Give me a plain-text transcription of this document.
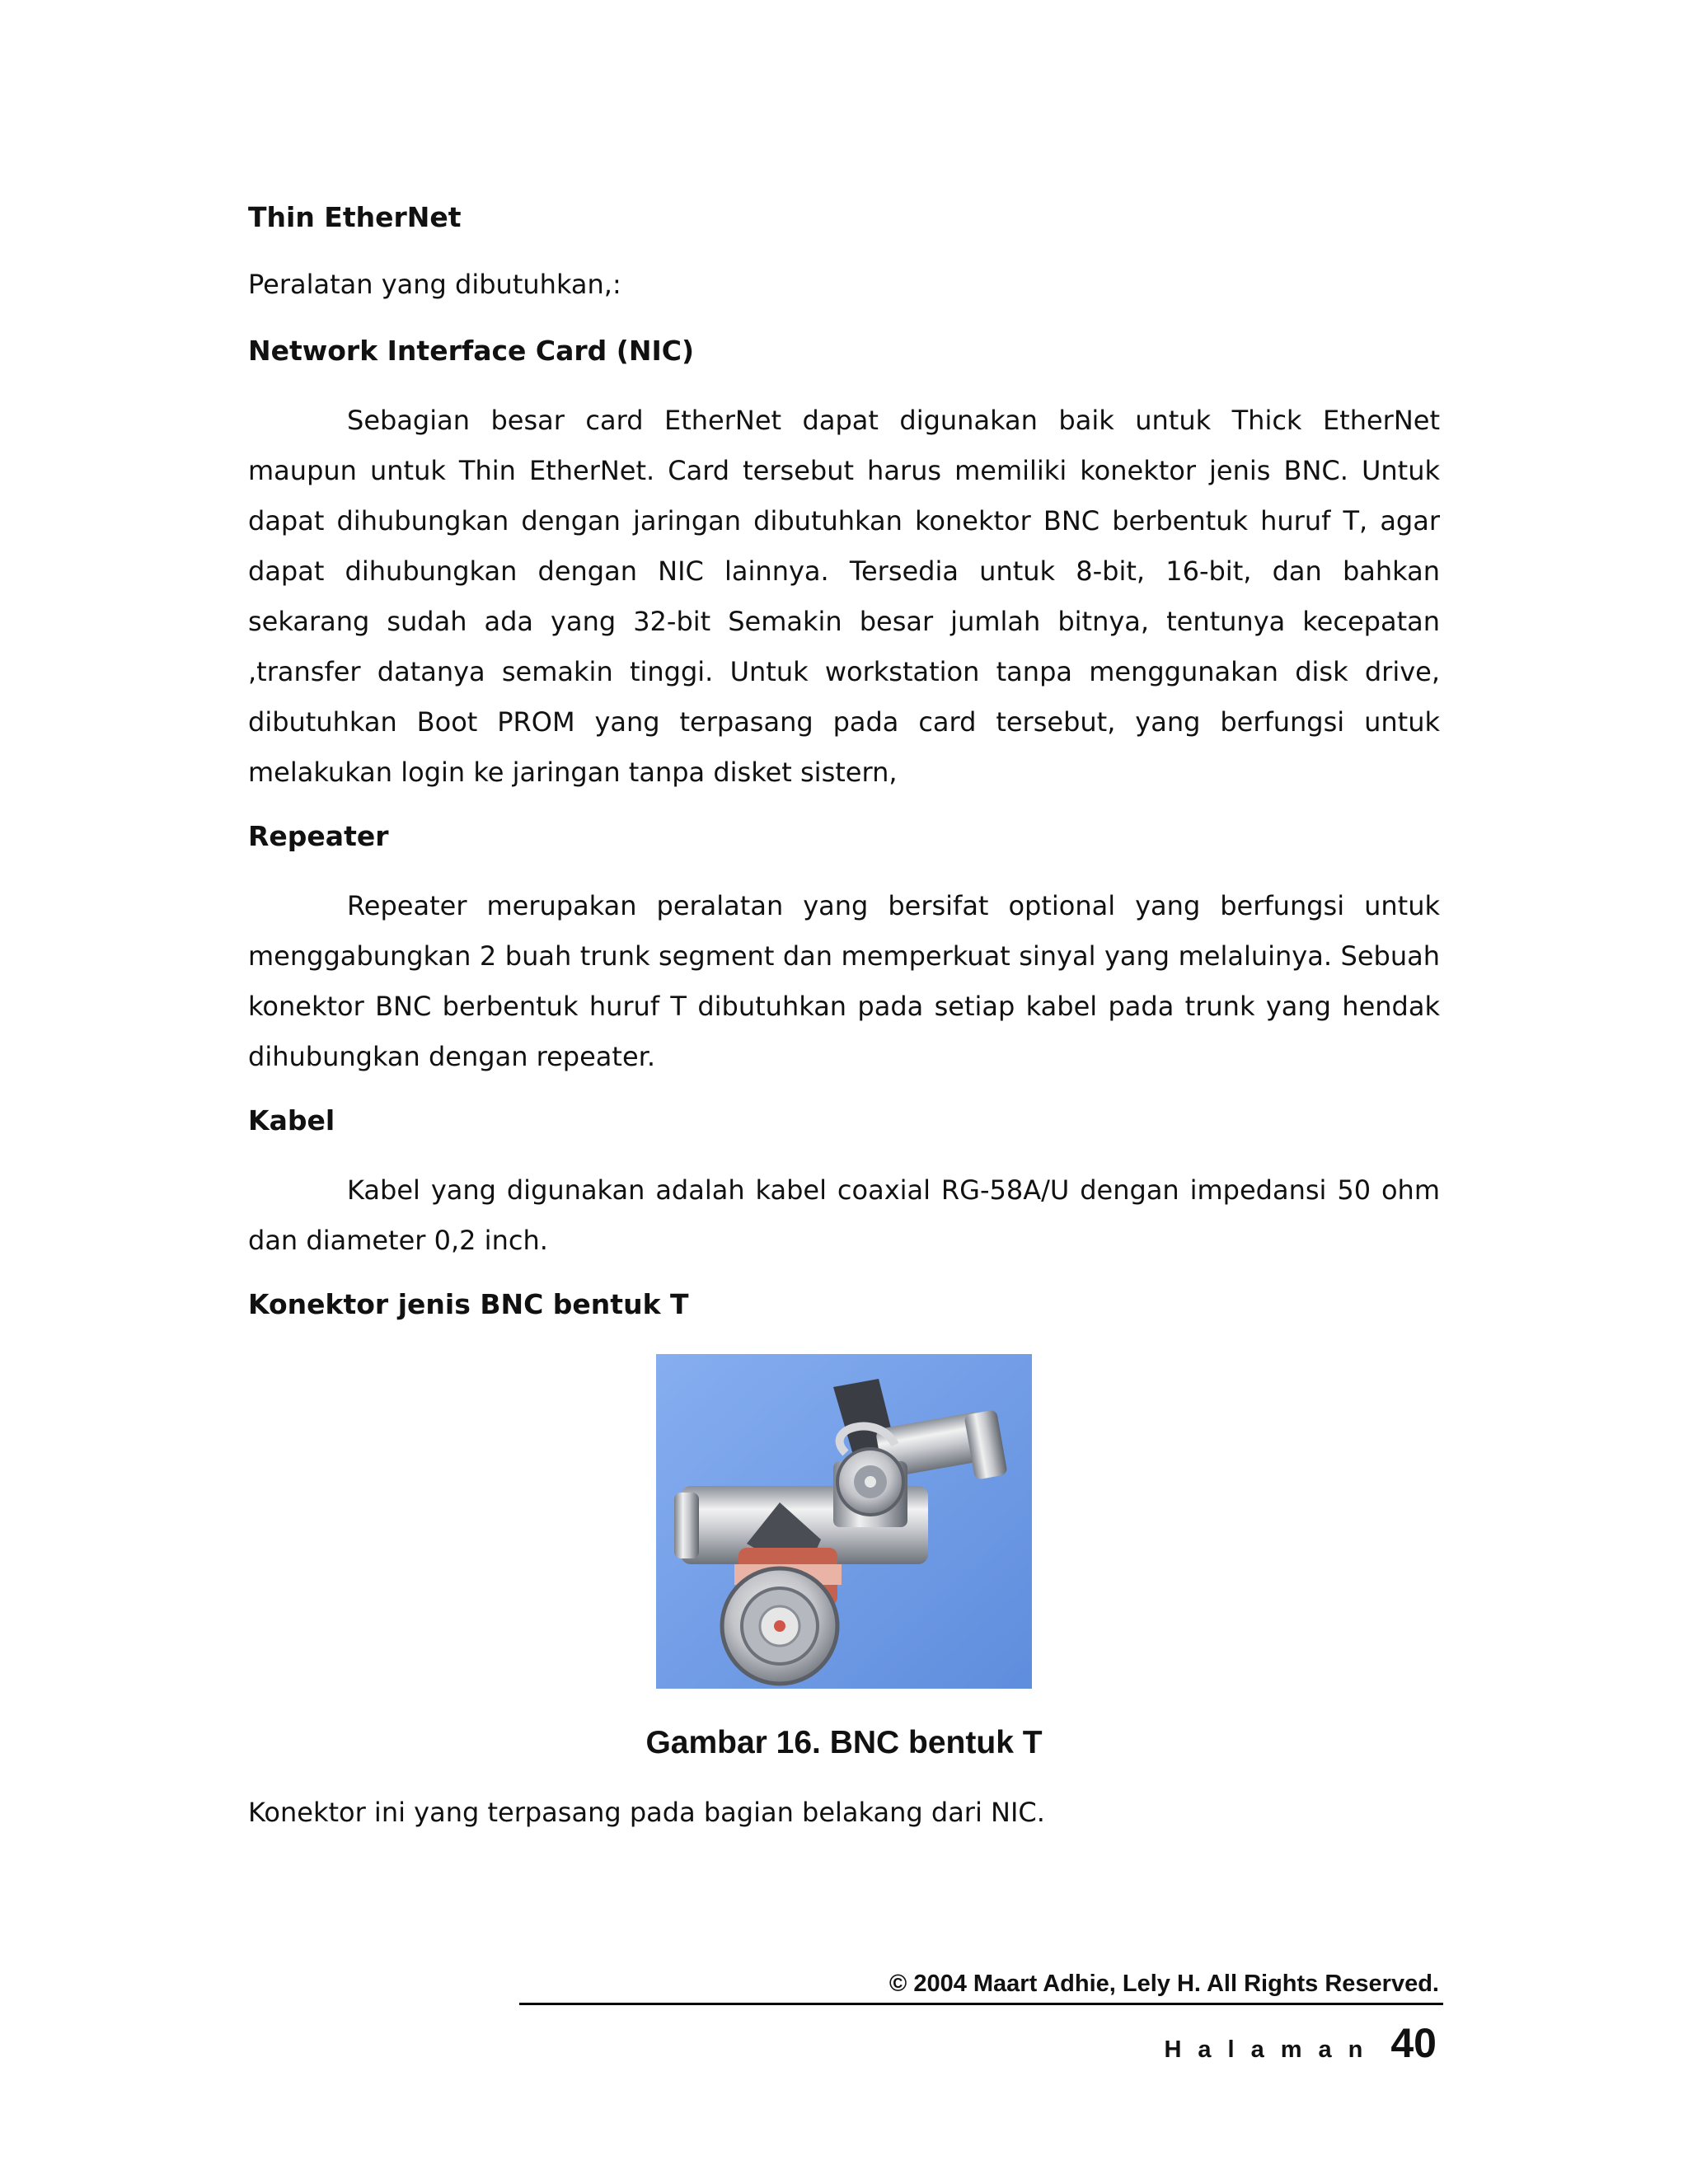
Thin EtherNet

Peralatan yang dibutuhkan,:

Network Interface Card (NIC)

Sebagian besar card EtherNet dapat digunakan baik untuk Thick EtherNet maupun untuk Thin EtherNet. Card tersebut harus memiliki konektor jenis BNC. Untuk dapat dihubungkan dengan jaringan dibutuhkan konektor BNC berbentuk huruf T, agar dapat dihubungkan dengan NIC lainnya. Tersedia untuk 8-bit, 16-bit, dan bahkan sekarang sudah ada yang 32-bit Semakin besar jumlah bitnya, tentunya kecepatan ,transfer datanya semakin tinggi. Untuk workstation tanpa menggunakan disk drive, dibutuhkan Boot PROM yang terpasang pada card tersebut, yang berfungsi untuk melakukan login ke jaringan tanpa disket sistern,

Repeater

Repeater merupakan peralatan yang bersifat optional yang berfungsi untuk menggabungkan 2 buah trunk segment dan memperkuat sinyal yang melaluinya. Sebuah konektor BNC berbentuk huruf T dibutuhkan pada setiap kabel pada trunk yang hendak dihubungkan dengan repeater.

Kabel

Kabel yang digunakan adalah kabel coaxial RG-58A/U dengan impedansi 50 ohm dan diameter 0,2 inch.

Konektor jenis BNC bentuk T
Gambar 16. BNC bentuk T

Konektor ini yang terpasang pada bagian belakang dari NIC.

© 2004 Maart Adhie, Lely H. All Rights Reserved.
Halaman 40
